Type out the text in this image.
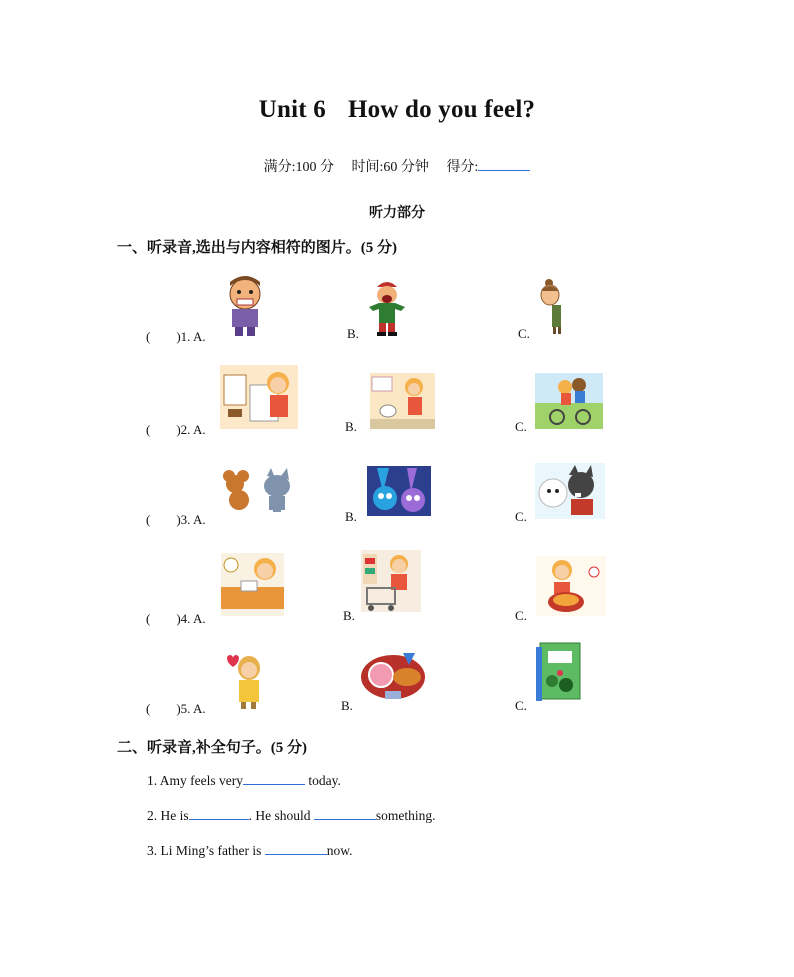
Unit 6 How do you feel?
满分:100 分 时间:60 分钟 得分:
听力部分
一、听录音,选出与内容相符的图片。(5 分)
(　　)1. A.	B.	C.
(　　)2. A.	B.	C.
(　　)3. A.	B.	C.
(　　)4. A.	B.	C.
(　　)5. A.	B.	C.
二、听录音,补全句子。(5 分)
1. Amy feels very	today.
2. He is	. He should	something.
3. Li Ming’s father is	now.
